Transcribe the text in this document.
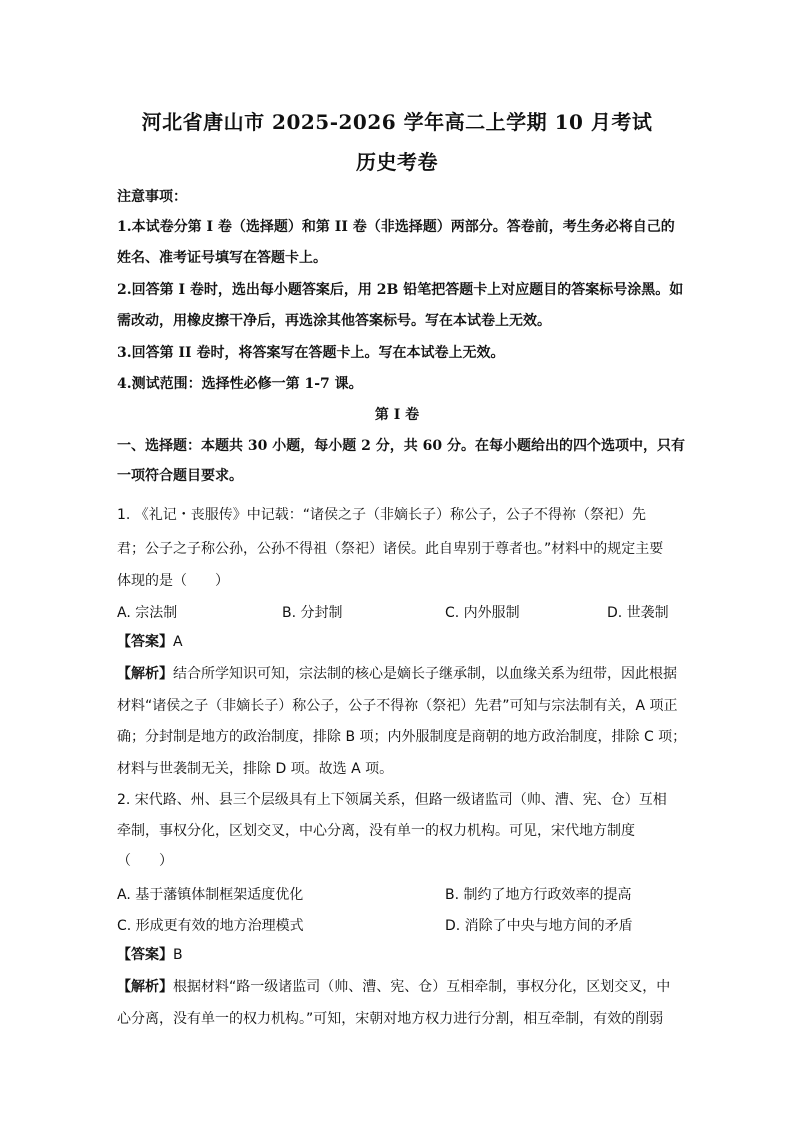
河北省唐山市 2025-2026 学年高二上学期 10 月考试
历史考卷
注意事项：
1.本试卷分第 I 卷（选择题）和第 II 卷（非选择题）两部分。答卷前，考生务必将自己的
姓名、准考证号填写在答题卡上。
2.回答第 I 卷时，选出每小题答案后，用 2B 铅笔把答题卡上对应题目的答案标号涂黑。如
需改动，用橡皮擦干净后，再选涂其他答案标号。写在本试卷上无效。
3.回答第 II 卷时，将答案写在答题卡上。写在本试卷上无效。
4.测试范围：选择性必修一第 1-7 课。
第 I 卷
一、选择题：本题共 30 小题，每小题 2 分，共 60 分。在每小题给出的四个选项中，只有
一项符合题目要求。
1. 《礼记・丧服传》中记载：“诸侯之子（非嫡长子）称公子，公子不得祢（祭祀）先
君；公子之子称公孙，公孙不得祖（祭祀）诸侯。此自卑别于尊者也。”材料中的规定主要
体现的是（　　）
A. 宗法制	B. 分封制	C. 内外服制	D. 世袭制
【答案】A
【解析】结合所学知识可知，宗法制的核心是嫡长子继承制，以血缘关系为纽带，因此根据
材料“诸侯之子（非嫡长子）称公子，公子不得祢（祭祀）先君”可知与宗法制有关，A 项正
确；分封制是地方的政治制度，排除 B 项；内外服制度是商朝的地方政治制度，排除 C 项；
材料与世袭制无关，排除 D 项。故选 A 项。
2. 宋代路、州、县三个层级具有上下领属关系，但路一级诸监司（帅、漕、宪、仓）互相
牵制，事权分化，区划交叉，中心分离，没有单一的权力机构。可见，宋代地方制度
（　　）
A. 基于藩镇体制框架适度优化	B. 制约了地方行政效率的提高
C. 形成更有效的地方治理模式	D. 消除了中央与地方间的矛盾
【答案】B
【解析】根据材料“路一级诸监司（帅、漕、宪、仓）互相牵制，事权分化，区划交叉，中
心分离，没有单一的权力机构。”可知，宋朝对地方权力进行分割，相互牵制，有效的削弱
